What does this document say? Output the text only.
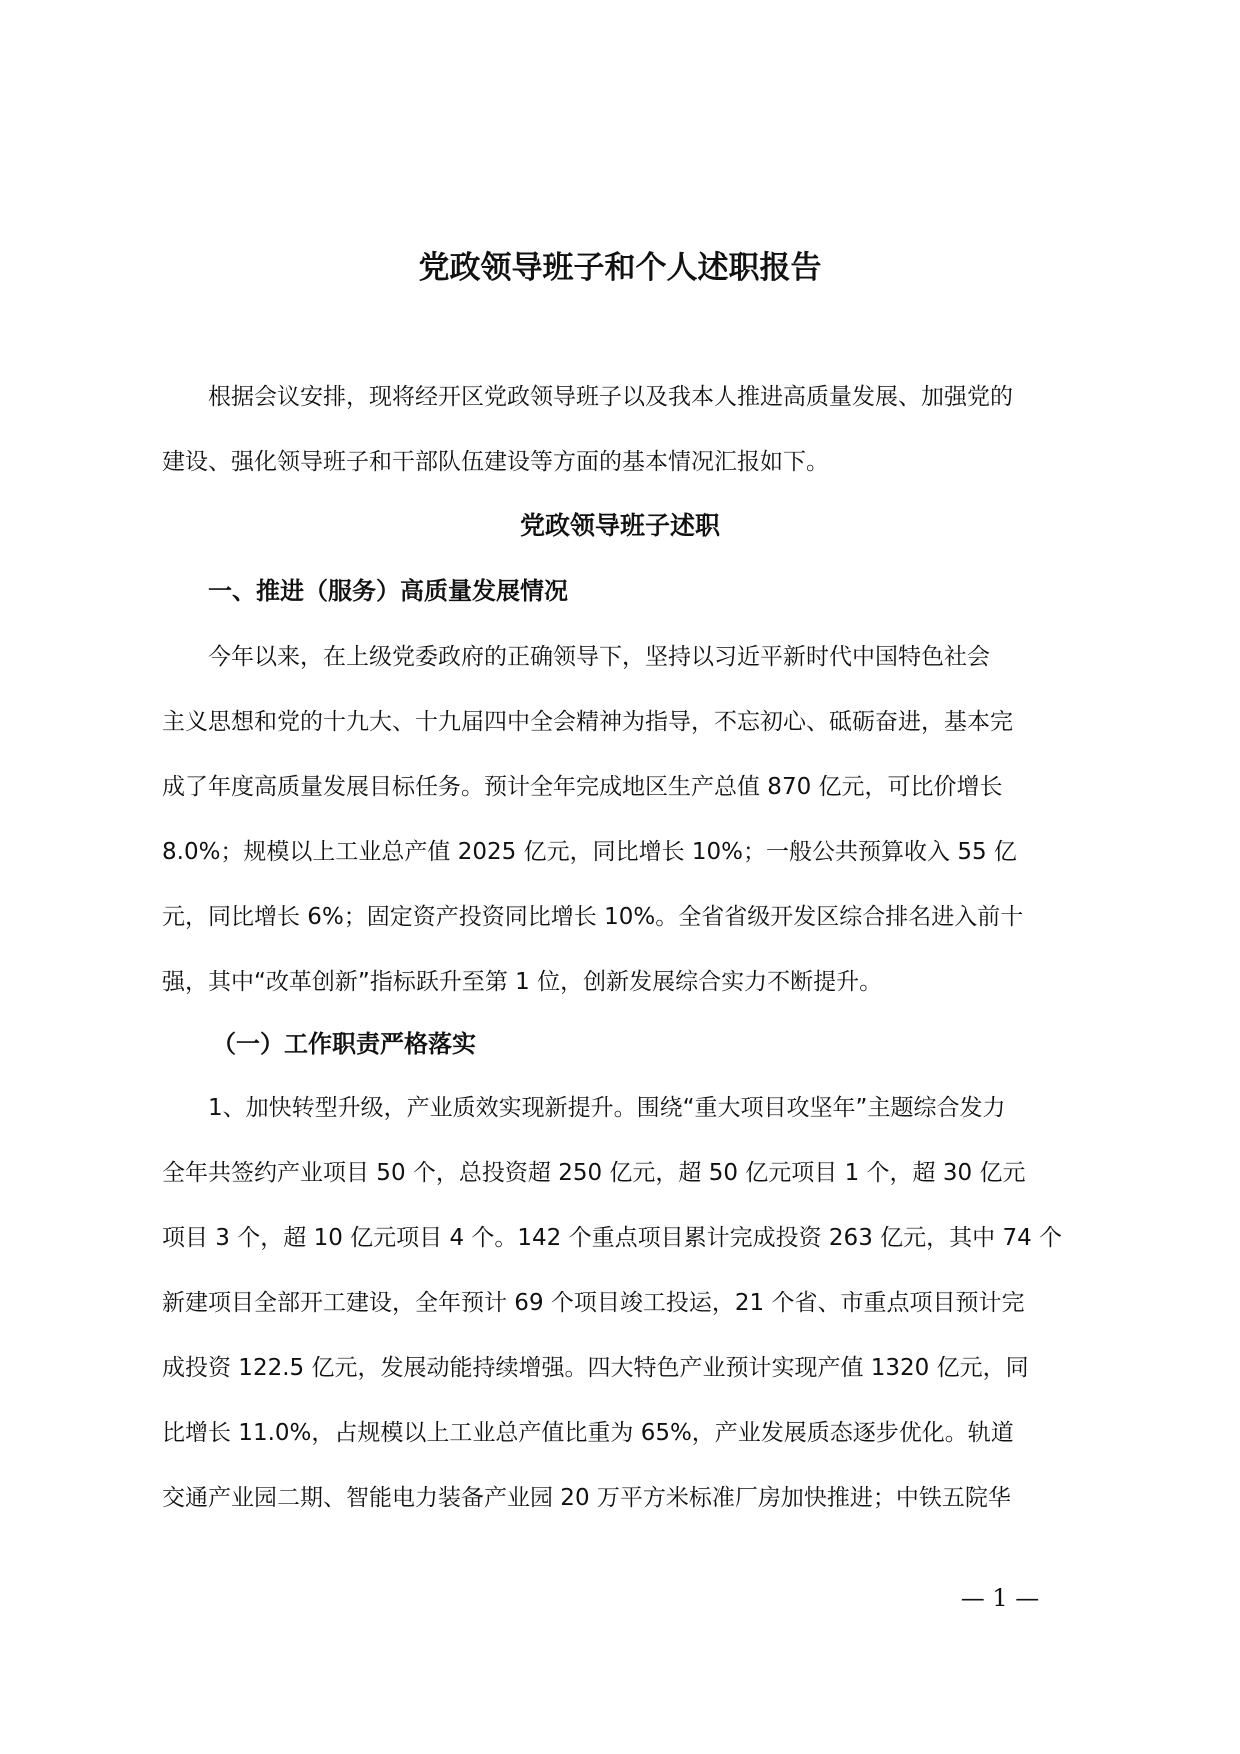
党政领导班子和个人述职报告
根据会议安排，现将经开区党政领导班子以及我本人推进高质量发展、加强党的
建设、强化领导班子和干部队伍建设等方面的基本情况汇报如下。
党政领导班子述职
一、推进（服务）高质量发展情况
今年以来，在上级党委政府的正确领导下，坚持以习近平新时代中国特色社会
主义思想和党的十九大、十九届四中全会精神为指导，不忘初心、砥砺奋进，基本完
成了年度高质量发展目标任务。预计全年完成地区生产总值 870 亿元，可比价增长
8.0%；规模以上工业总产值 2025 亿元，同比增长 10%；一般公共预算收入 55 亿
元，同比增长 6%；固定资产投资同比增长 10%。全省省级开发区综合排名进入前十
强，其中“改革创新”指标跃升至第 1 位，创新发展综合实力不断提升。
（一）工作职责严格落实
1、加快转型升级，产业质效实现新提升。围绕“重大项目攻坚年”主题综合发力
全年共签约产业项目 50 个，总投资超 250 亿元，超 50 亿元项目 1 个，超 30 亿元
项目 3 个，超 10 亿元项目 4 个。142 个重点项目累计完成投资 263 亿元，其中 74 个
新建项目全部开工建设，全年预计 69 个项目竣工投运，21 个省、市重点项目预计完
成投资 122.5 亿元，发展动能持续增强。四大特色产业预计实现产值 1320 亿元，同
比增长 11.0%，占规模以上工业总产值比重为 65%，产业发展质态逐步优化。轨道
交通产业园二期、智能电力装备产业园 20 万平方米标准厂房加快推进；中铁五院华
— 1 —
